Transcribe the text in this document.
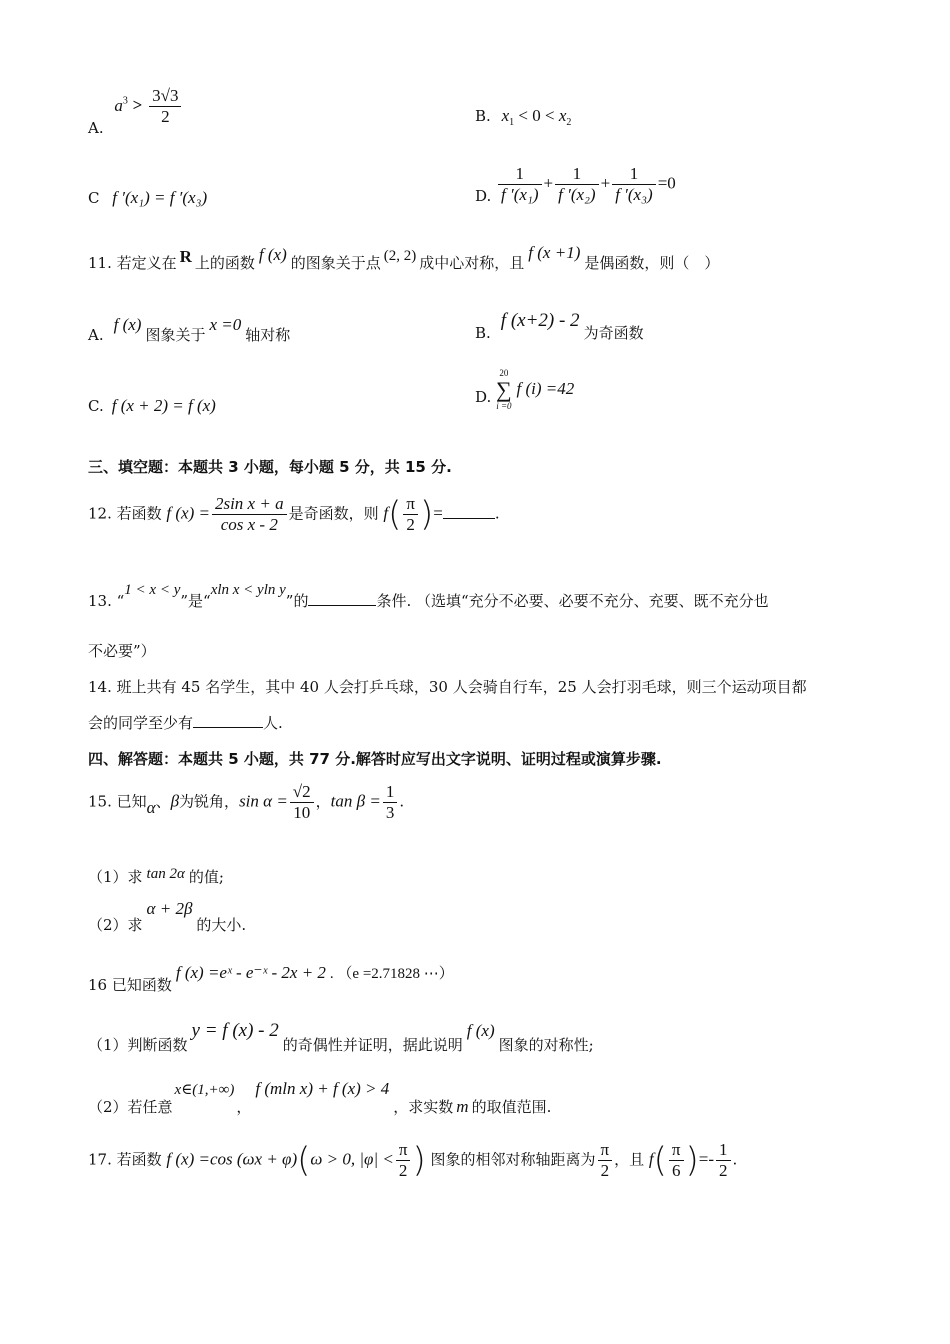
A. $a^3 > \frac{3√3}{2}$	B. $x_1 < 0 < x_2$
C f ′(x₁) = f ′(x₃)	D. $\frac{1}{\text{f ′(x₁)}} + \frac{1}{\text{f ′(x₂)}} + \frac{1}{\text{f ′(x₃)}} =0$
11. 若定义在 R 上的函数 f (x) 的图象关于点 (2, 2) 成中心对称，且f (x +1)是偶函数，则（　）
A.f (x)图象关于x =0轴对称	B.f (x+2) - 2为奇函数
C. f (x + 2) = f (x)	D. 20
∑
i =0 f (i) =42
三、填空题：本题共 3 小题，每小题 5 分，共 15 分.
12. 若函数 f $(x) = \frac{\text{2sin x + a}}{\text{cos x - 2}}$ 是奇函数，则 $f( \frac{\pi}{2}$ )=	.
13. “1 < x < y”是“xln x < yln y”的	条件. （选填“充分不必要、必要不充分、充要、既不充分也
不必要”）
14. 班上共有 45 名学生，其中 40 人会打乒乓球，30 人会骑自行车，25 人会打羽毛球，则三个运动项目都
会的同学至少有	人.
四、解答题：本题共 5 小题，共 77 分.解答时应写出文字说明、证明过程或演算步骤.
15. 已知α、β为锐角，$\sin \alpha = \frac{√2}{10}$ ，$\tan \beta = \frac{1}{3}$ .
（1）求 tan 2α 的值;
（2）求α + 2β的大小.
16 已知函数f (x) =eˣ - e⁻ˣ - 2x + 2 . （e =2.71828 ⋯）
（1）判断函数y = f (x) - 2的奇偶性并证明，据此说明f (x)图象的对称性;
（2）若任意x∈(1,+∞)，f (mln x) + f (x) > 4，求实数 m 的取值范围.
17. 若函数 f (x) =cos (ωx + φ)(ω > 0, $|\varphi| < \frac{\pi}{2}$ ) 图象的相邻对称轴距离为 $\frac{\pi}{2}$ ，且 $f( \frac{\pi}{6}$ )=- $\frac{1}{2}$ .
